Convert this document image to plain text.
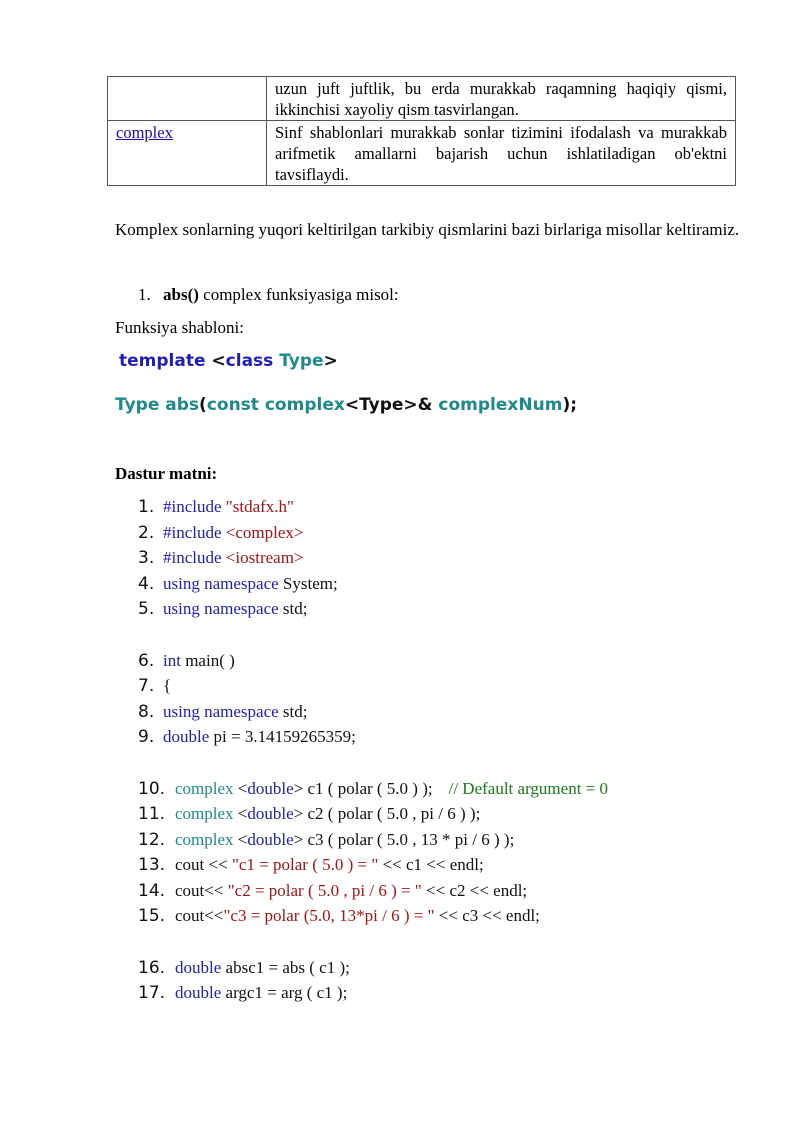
	uzun juft juftlik, bu erda murakkab raqamning haqiqiy qismi, ikkinchisi xayoliy qism tasvirlangan.
complex	Sinf shablonlari murakkab sonlar tizimini ifodalash va murakkab arifmetik amallarni bajarish uchun ishlatiladigan ob'ektni tavsiflaydi.

Komplex sonlarning yuqori keltirilgan tarkibiy qismlarini bazi birlariga misollar keltiramiz.

1. abs() complex funksiyasiga misol:
Funksiya shabloni:
template <class Type>
Type abs(const complex<Type>& complexNum);
Dastur matni:
1. #include "stdafx.h"
2. #include <complex>
3. #include <iostream>
4. using namespace System;
5. using namespace std;
6. int main( )
7. {
8. using namespace std;
9. double pi = 3.14159265359;
10. complex <double> c1 ( polar ( 5.0 ) ); // Default argument = 0
11. complex <double> c2 ( polar ( 5.0 , pi / 6 ) );
12. complex <double> c3 ( polar ( 5.0 , 13 * pi / 6 ) );
13. cout << "c1 = polar ( 5.0 ) = " << c1 << endl;
14. cout<< "c2 = polar ( 5.0 , pi / 6 ) = " << c2 << endl;
15. cout<<"c3 = polar (5.0, 13*pi / 6 ) = " << c3 << endl;
16. double absc1 = abs ( c1 );
17. double argc1 = arg ( c1 );
